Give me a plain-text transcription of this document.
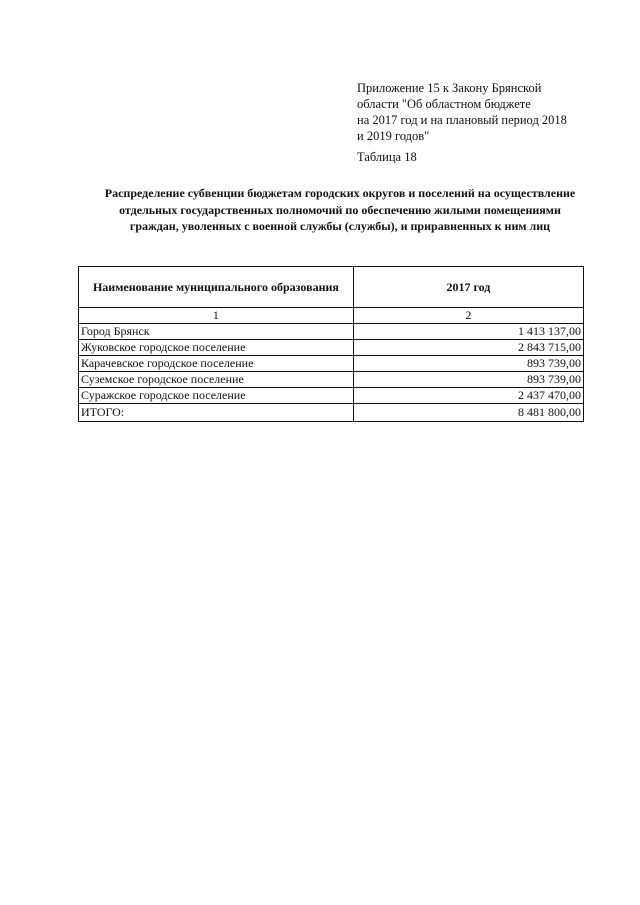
Приложение 15 к Закону Брянской
области "Об областном бюджете
на 2017 год и на плановый период 2018
и 2019 годов"
Таблица 18
Распределение субвенции бюджетам городских округов и поселений на осуществление
отдельных государственных полномочий по обеспечению жилыми помещениями
граждан, уволенных с военной службы (службы), и приравненных к ним лиц
Наименование муниципального образования	2017 год
1	2
Город Брянск	1 413 137,00
Жуковское городское поселение	2 843 715,00
Карачевское городское поселение	893 739,00
Суземское городское поселение	893 739,00
Суражское городское поселение	2 437 470,00
ИТОГО:	8 481 800,00
